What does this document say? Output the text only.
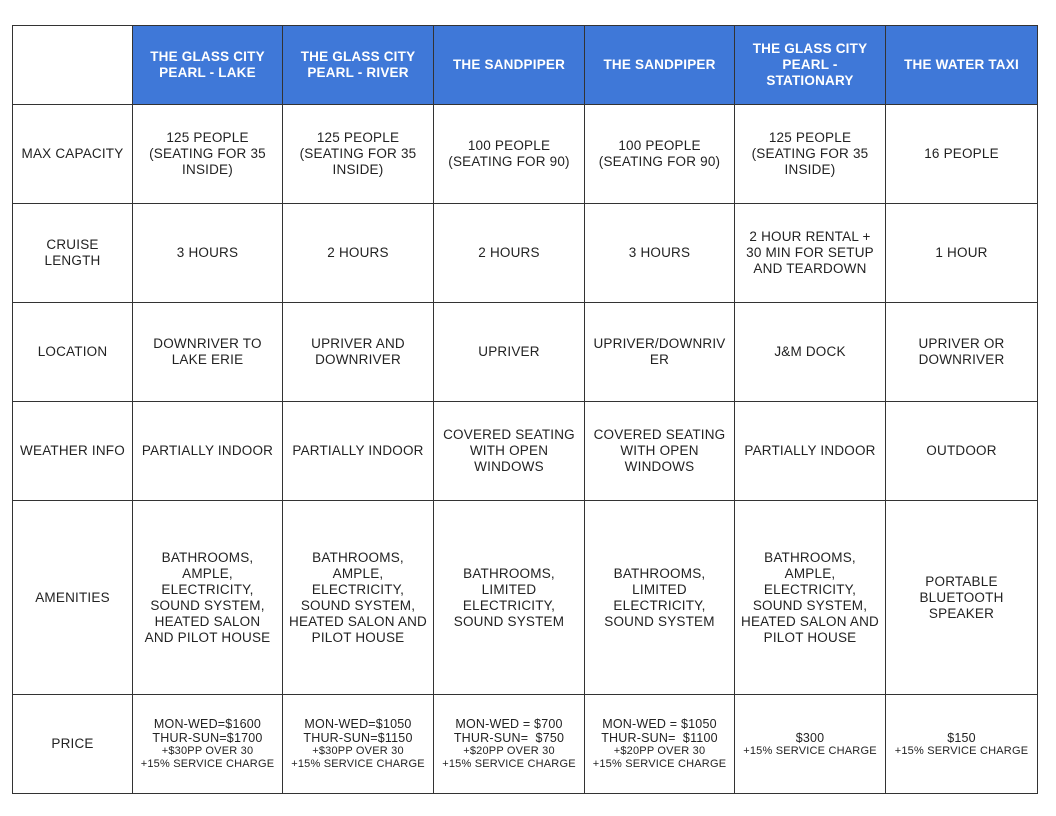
	THE GLASS CITY PEARL - LAKE	THE GLASS CITY PEARL - RIVER	THE SANDPIPER	THE SANDPIPER	THE GLASS CITY PEARL - STATIONARY	THE WATER TAXI
MAX CAPACITY	125 PEOPLE (SEATING FOR 35 INSIDE)	125 PEOPLE (SEATING FOR 35 INSIDE)	100 PEOPLE (SEATING FOR 90)	100 PEOPLE (SEATING FOR 90)	125 PEOPLE (SEATING FOR 35 INSIDE)	16 PEOPLE
CRUISE LENGTH	3 HOURS	2 HOURS	2 HOURS	3 HOURS	2 HOUR RENTAL + 30 MIN FOR SETUP AND TEARDOWN	1 HOUR
LOCATION	DOWNRIVER TO LAKE ERIE	UPRIVER AND DOWNRIVER	UPRIVER	UPRIVER/DOWNRIVER	J&M DOCK	UPRIVER OR DOWNRIVER
WEATHER INFO	PARTIALLY INDOOR	PARTIALLY INDOOR	COVERED SEATING WITH OPEN WINDOWS	COVERED SEATING WITH OPEN WINDOWS	PARTIALLY INDOOR	OUTDOOR
AMENITIES	BATHROOMS, AMPLE, ELECTRICITY, SOUND SYSTEM, HEATED SALON AND PILOT HOUSE	BATHROOMS, AMPLE, ELECTRICITY, SOUND SYSTEM, HEATED SALON AND PILOT HOUSE	BATHROOMS, LIMITED ELECTRICITY, SOUND SYSTEM	BATHROOMS, LIMITED ELECTRICITY, SOUND SYSTEM	BATHROOMS, AMPLE, ELECTRICITY, SOUND SYSTEM, HEATED SALON AND PILOT HOUSE	PORTABLE BLUETOOTH SPEAKER
PRICE	MON-WED=$1600
THUR-SUN=$1700
+$30PP OVER 30
+15% SERVICE CHARGE	MON-WED=$1050
THUR-SUN=$1150
+$30PP OVER 30
+15% SERVICE CHARGE	MON-WED = $700
THUR-SUN=  $750
+$20PP OVER 30
+15% SERVICE CHARGE	MON-WED = $1050
THUR-SUN=  $1100
+$20PP OVER 30
+15% SERVICE CHARGE	$300
+15% SERVICE CHARGE	$150
+15% SERVICE CHARGE
